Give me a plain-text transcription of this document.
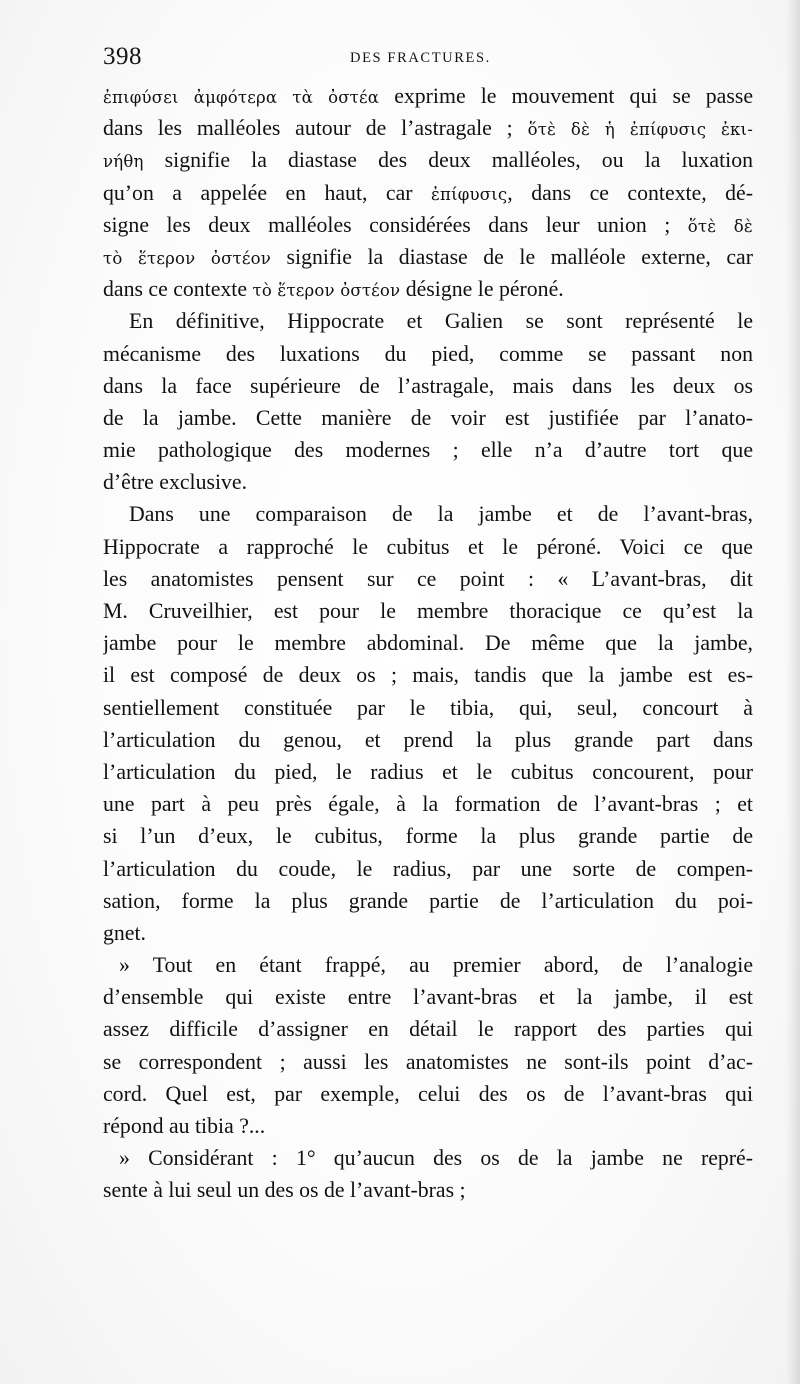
398	DES FRACTURES.
ἐπιφύσει ἀμφότερα τὰ ὀστέα exprime le mouvement qui se passe
dans les malléoles autour de l’astragale ; ὅτὲ δὲ ἡ ἐπίφυσις ἐκι-
νήθη signifie la diastase des deux malléoles, ou la luxation
qu’on a appelée en haut, car ἐπίφυσις, dans ce contexte, dé-
signe les deux malléoles considérées dans leur union ; ὅτὲ δὲ
τὸ ἕτερον ὀστέον signifie la diastase de le malléole externe, car
dans ce contexte τὸ ἕτερον ὀστέον désigne le péroné.
En définitive, Hippocrate et Galien se sont représenté le
mécanisme des luxations du pied, comme se passant non
dans la face supérieure de l’astragale, mais dans les deux os
de la jambe. Cette manière de voir est justifiée par l’anato-
mie pathologique des modernes ; elle n’a d’autre tort que
d’être exclusive.
Dans une comparaison de la jambe et de l’avant-bras,
Hippocrate a rapproché le cubitus et le péroné. Voici ce que
les anatomistes pensent sur ce point : « L’avant-bras, dit
M. Cruveilhier, est pour le membre thoracique ce qu’est la
jambe pour le membre abdominal. De même que la jambe,
il est composé de deux os ; mais, tandis que la jambe est es-
sentiellement constituée par le tibia, qui, seul, concourt à
l’articulation du genou, et prend la plus grande part dans
l’articulation du pied, le radius et le cubitus concourent, pour
une part à peu près égale, à la formation de l’avant-bras ; et
si l’un d’eux, le cubitus, forme la plus grande partie de
l’articulation du coude, le radius, par une sorte de compen-
sation, forme la plus grande partie de l’articulation du poi-
gnet.
» Tout en étant frappé, au premier abord, de l’analogie
d’ensemble qui existe entre l’avant-bras et la jambe, il est
assez difficile d’assigner en détail le rapport des parties qui
se correspondent ; aussi les anatomistes ne sont-ils point d’ac-
cord. Quel est, par exemple, celui des os de l’avant-bras qui
répond au tibia ?...
» Considérant : 1° qu’aucun des os de la jambe ne repré-
sente à lui seul un des os de l’avant-bras ;
